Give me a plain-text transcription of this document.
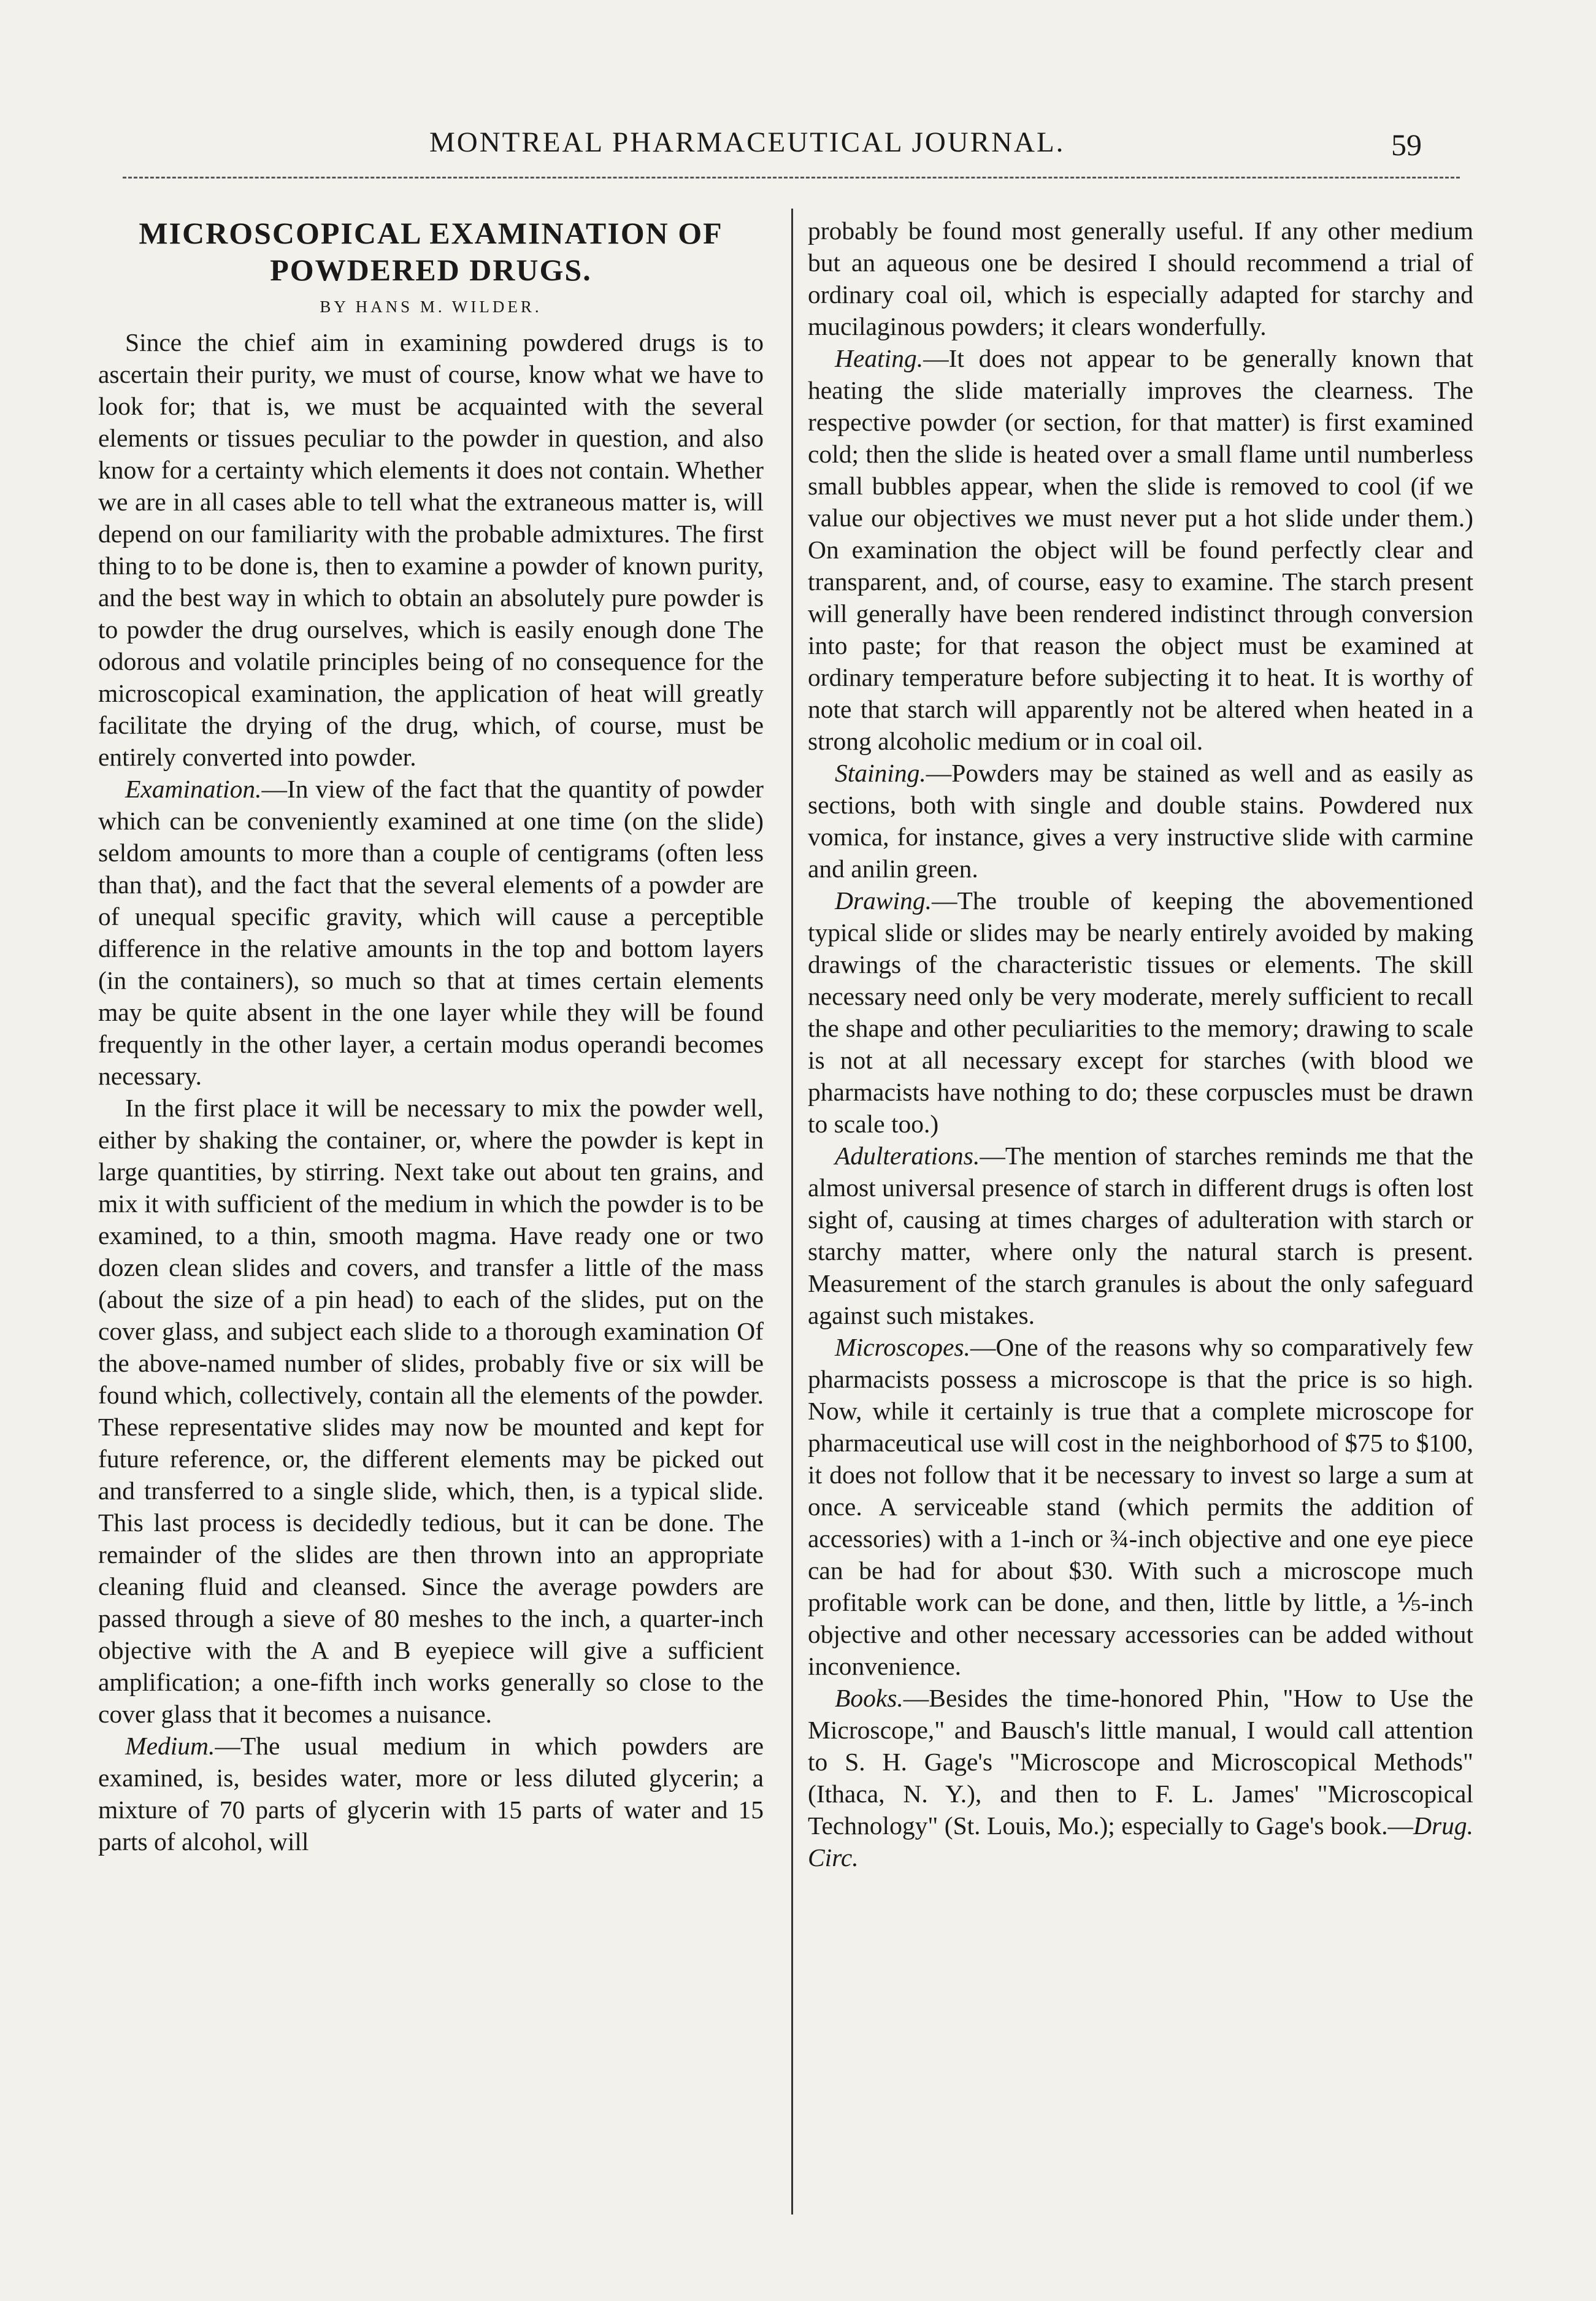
MONTREAL PHARMACEUTICAL JOURNAL.	59
MICROSCOPICAL EXAMINATION OF POWDERED DRUGS.
BY HANS M. WILDER.

Since the chief aim in examining powdered drugs is to ascertain their purity, we must of course, know what we have to look for; that is, we must be acquainted with the several elements or tissues peculiar to the powder in question, and also know for a certainty which elements it does not contain. Whether we are in all cases able to tell what the extraneous matter is, will depend on our familiarity with the probable admixtures. The first thing to to be done is, then to examine a powder of known purity, and the best way in which to obtain an absolutely pure powder is to powder the drug ourselves, which is easily enough done The odorous and volatile principles being of no consequence for the microscopical examination, the application of heat will greatly facilitate the drying of the drug, which, of course, must be entirely converted into powder.

Examination.—In view of the fact that the quantity of powder which can be conveniently examined at one time (on the slide) seldom amounts to more than a couple of centigrams (often less than that), and the fact that the several elements of a powder are of unequal specific gravity, which will cause a perceptible difference in the relative amounts in the top and bottom layers (in the containers), so much so that at times certain elements may be quite absent in the one layer while they will be found frequently in the other layer, a certain modus operandi becomes necessary.

In the first place it will be necessary to mix the powder well, either by shaking the container, or, where the powder is kept in large quantities, by stirring. Next take out about ten grains, and mix it with sufficient of the medium in which the powder is to be examined, to a thin, smooth magma. Have ready one or two dozen clean slides and covers, and transfer a little of the mass (about the size of a pin head) to each of the slides, put on the cover glass, and subject each slide to a thorough examination Of the above-named number of slides, probably five or six will be found which, collectively, contain all the elements of the powder. These representative slides may now be mounted and kept for future reference, or, the different elements may be picked out and transferred to a single slide, which, then, is a typical slide. This last process is decidedly tedious, but it can be done. The remainder of the slides are then thrown into an appropriate cleaning fluid and cleansed. Since the average powders are passed through a sieve of 80 meshes to the inch, a quarter-inch objective with the A and B eyepiece will give a sufficient amplification; a one-fifth inch works generally so close to the cover glass that it becomes a nuisance.

Medium.—The usual medium in which powders are examined, is, besides water, more or less diluted glycerin; a mixture of 70 parts of glycerin with 15 parts of water and 15 parts of alcohol, will

probably be found most generally useful. If any other medium but an aqueous one be desired I should recommend a trial of ordinary coal oil, which is especially adapted for starchy and mucilaginous powders; it clears wonderfully.

Heating.—It does not appear to be generally known that heating the slide materially improves the clearness. The respective powder (or section, for that matter) is first examined cold; then the slide is heated over a small flame until numberless small bubbles appear, when the slide is removed to cool (if we value our objectives we must never put a hot slide under them.) On examination the object will be found perfectly clear and transparent, and, of course, easy to examine. The starch present will generally have been rendered indistinct through conversion into paste; for that reason the object must be examined at ordinary temperature before subjecting it to heat. It is worthy of note that starch will apparently not be altered when heated in a strong alcoholic medium or in coal oil.

Staining.—Powders may be stained as well and as easily as sections, both with single and double stains. Powdered nux vomica, for instance, gives a very instructive slide with carmine and anilin green.

Drawing.—The trouble of keeping the abovementioned typical slide or slides may be nearly entirely avoided by making drawings of the characteristic tissues or elements. The skill necessary need only be very moderate, merely sufficient to recall the shape and other peculiarities to the memory; drawing to scale is not at all necessary except for starches (with blood we pharmacists have nothing to do; these corpuscles must be drawn to scale too.)

Adulterations.—The mention of starches reminds me that the almost universal presence of starch in different drugs is often lost sight of, causing at times charges of adulteration with starch or starchy matter, where only the natural starch is present. Measurement of the starch granules is about the only safeguard against such mistakes.

Microscopes.—One of the reasons why so comparatively few pharmacists possess a microscope is that the price is so high. Now, while it certainly is true that a complete microscope for pharmaceutical use will cost in the neighborhood of $75 to $100, it does not follow that it be necessary to invest so large a sum at once. A serviceable stand (which permits the addition of accessories) with a 1-inch or ¾-inch objective and one eye piece can be had for about $30. With such a microscope much profitable work can be done, and then, little by little, a ⅕-inch objective and other necessary accessories can be added without inconvenience.

Books.—Besides the time-honored Phin, "How to Use the Microscope," and Bausch's little manual, I would call attention to S. H. Gage's "Microscope and Microscopical Methods" (Ithaca, N. Y.), and then to F. L. James' "Microscopical Technology" (St. Louis, Mo.); especially to Gage's book.—Drug. Circ.
